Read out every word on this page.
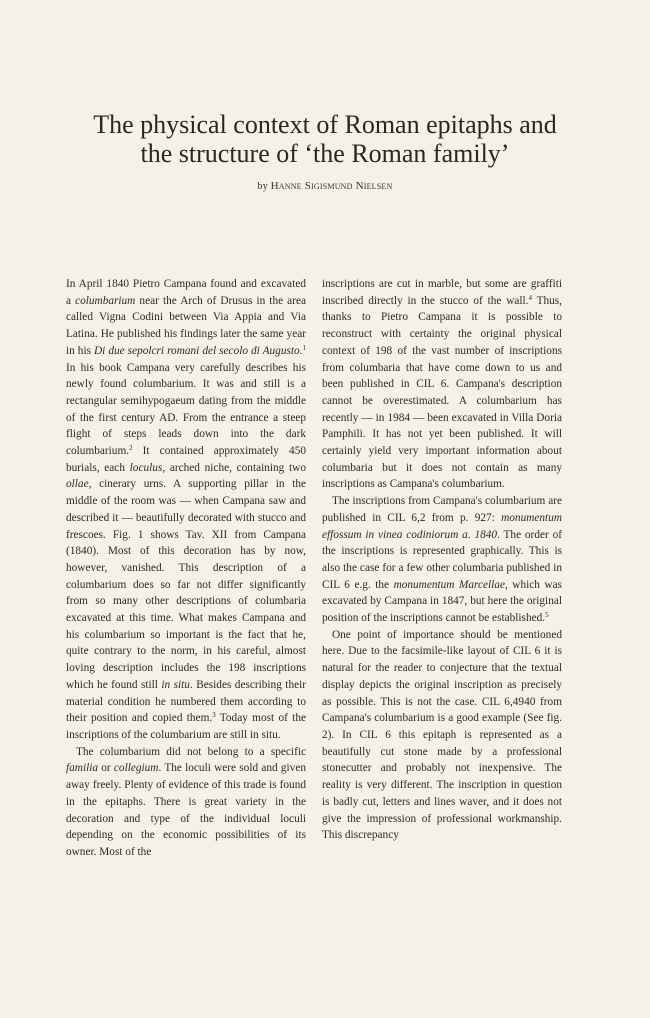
The physical context of Roman epitaphs and
the structure of ‘the Roman family’
by Hanne Sigismund Nielsen

In April 1840 Pietro Campana found and excavated a columbarium near the Arch of Drusus in the area called Vigna Codini between Via Appia and Via Latina. He published his findings later the same year in his Di due sepolcri romani del secolo di Augusto.$^1$ In his book Campana very carefully describes his newly found columbarium. It was and still is a rectangular semihypogaeum dating from the middle of the first century AD. From the entrance a steep flight of steps leads down into the dark columbarium.$^2$ It contained approximately 450 burials, each loculus, arched niche, containing two ollae, cinerary urns. A supporting pillar in the middle of the room was — when Campana saw and described it — beautifully decorated with stucco and frescoes. Fig. 1 shows Tav. XII from Campana (1840). Most of this decoration has by now, however, vanished. This description of a columbarium does so far not differ significantly from so many other descriptions of columbaria excavated at this time. What makes Campana and his columbarium so important is the fact that he, quite contrary to the norm, in his careful, almost loving description includes the 198 inscriptions which he found still in situ. Besides describing their material condition he numbered them according to their position and copied them.$^3$ Today most of the inscriptions of the columbarium are still in situ.

The columbarium did not belong to a specific familia or collegium. The loculi were sold and given away freely. Plenty of evidence of this trade is found in the epitaphs. There is great variety in the decoration and type of the individual loculi depending on the economic possibilities of its owner. Most of the

inscriptions are cut in marble, but some are graffiti inscribed directly in the stucco of the wall.$^4$ Thus, thanks to Pietro Campana it is possible to reconstruct with certainty the original physical context of 198 of the vast number of inscriptions from columbaria that have come down to us and been published in CIL 6. Campana's description cannot be overestimated. A columbarium has recently — in 1984 — been excavated in Villa Doria Pamphili. It has not yet been published. It will certainly yield very important information about columbaria but it does not contain as many inscriptions as Campana's columbarium.

The inscriptions from Campana's columbarium are published in CIL 6,2 from p. 927: monumentum effossum in vinea codiniorum a. 1840. The order of the inscriptions is represented graphically. This is also the case for a few other columbaria published in CIL 6 e.g. the monumentum Marcellae, which was excavated by Campana in 1847, but here the original position of the inscriptions cannot be established.$^5$

One point of importance should be mentioned here. Due to the facsimile-like layout of CIL 6 it is natural for the reader to conjecture that the textual display depicts the original inscription as precisely as possible. This is not the case. CIL 6,4940 from Campana's columbarium is a good example (See fig. 2). In CIL 6 this epitaph is represented as a beautifully cut stone made by a professional stonecutter and probably not inexpensive. The reality is very different. The inscription in question is badly cut, letters and lines waver, and it does not give the impression of professional workmanship. This discrepancy
